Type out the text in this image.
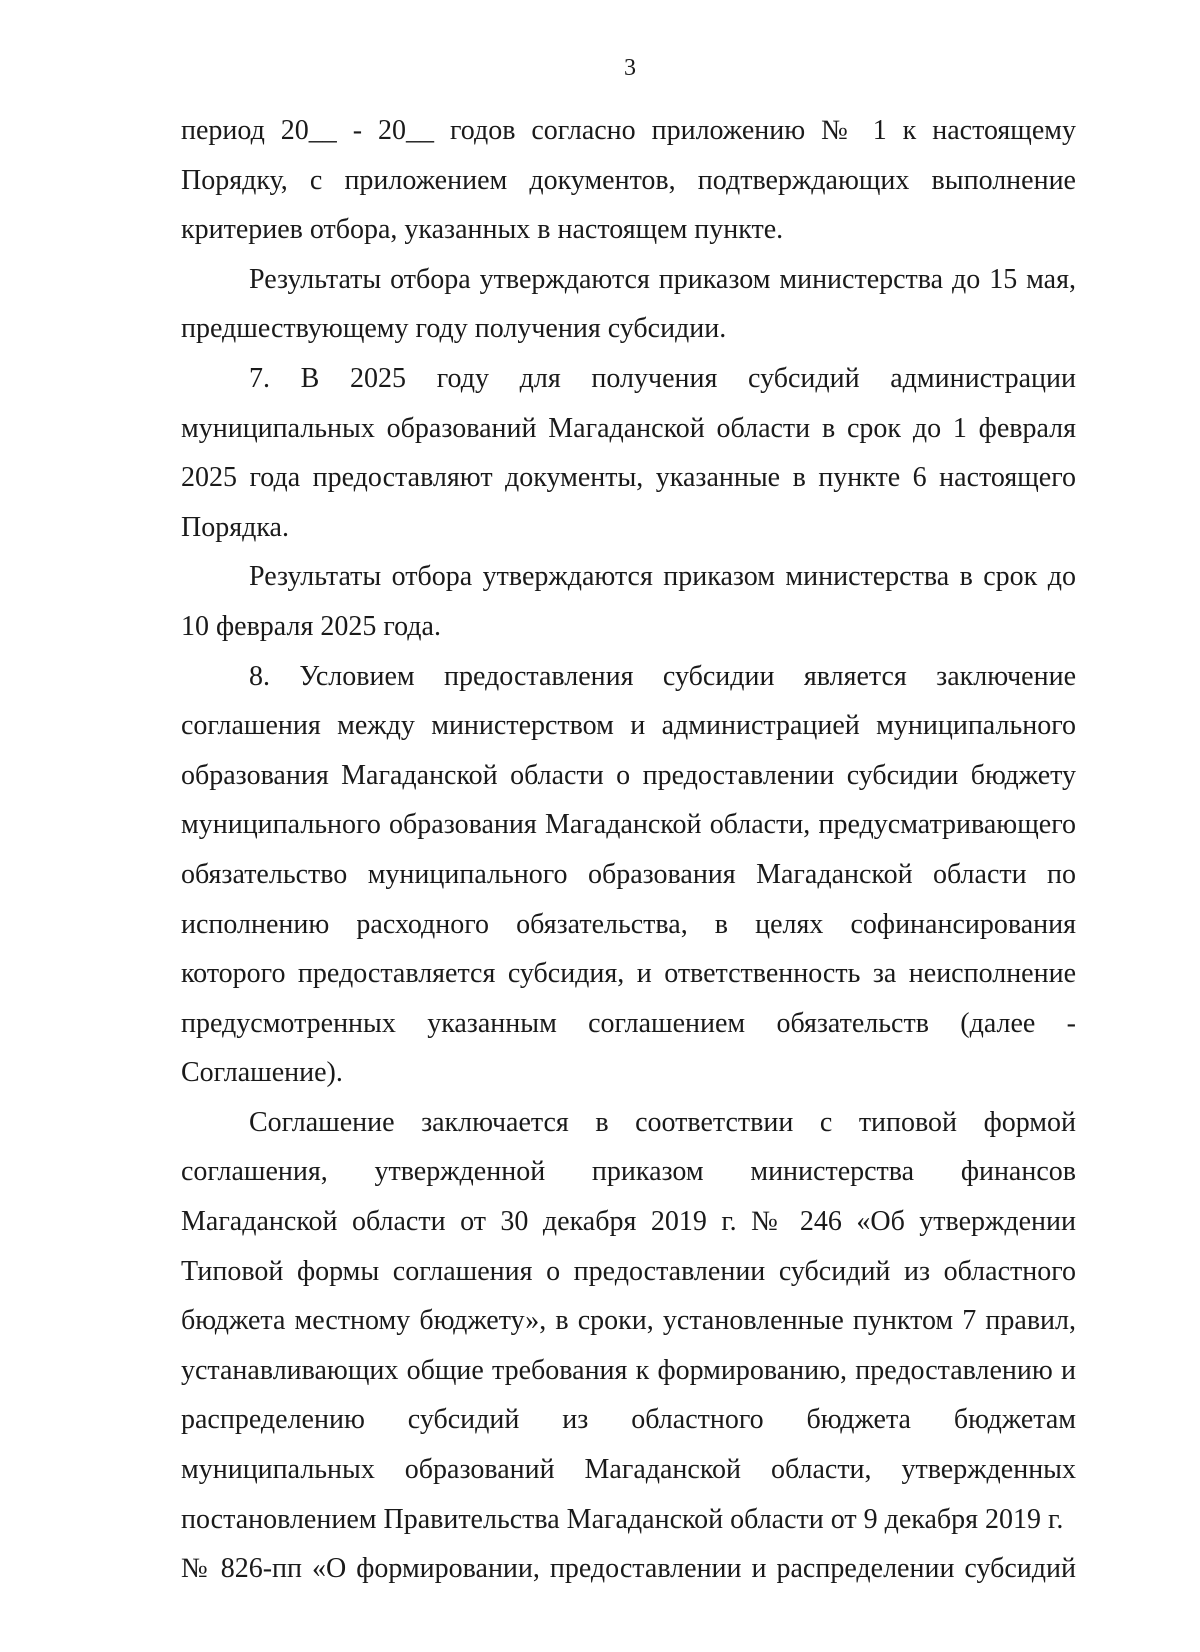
3

период 20__ - 20__ годов согласно приложению № 1 к настоящему Порядку, с приложением документов, подтверждающих выполнение критериев отбора, указанных в настоящем пункте.

Результаты отбора утверждаются приказом министерства до 15 мая, предшествующему году получения субсидии.

7. В 2025 году для получения субсидий администрации муниципальных образований Магаданской области в срок до 1 февраля 2025 года предоставляют документы, указанные в пункте 6 настоящего Порядка.

Результаты отбора утверждаются приказом министерства в срок до 10 февраля 2025 года.

8. Условием предоставления субсидии является заключение соглашения между министерством и администрацией муниципального образования Магаданской области о предоставлении субсидии бюджету муниципального образования Магаданской области, предусматривающего обязательство муниципального образования Магаданской области по исполнению расходного обязательства, в целях софинансирования которого предоставляется субсидия, и ответственность за неисполнение предусмотренных указанным соглашением обязательств (далее - Соглашение).

Соглашение заключается в соответствии с типовой формой соглашения, утвержденной приказом министерства финансов Магаданской области от 30 декабря 2019 г. № 246 «Об утверждении Типовой формы соглашения о предоставлении субсидий из областного бюджета местному бюджету», в сроки, установленные пунктом 7 правил, устанавливающих общие требования к формированию, предоставлению и распределению субсидий из областного бюджета бюджетам муниципальных образований Магаданской области, утвержденных постановлением Правительства Магаданской области от 9 декабря 2019 г.

№ 826-пп «О формировании, предоставлении и распределении субсидий
